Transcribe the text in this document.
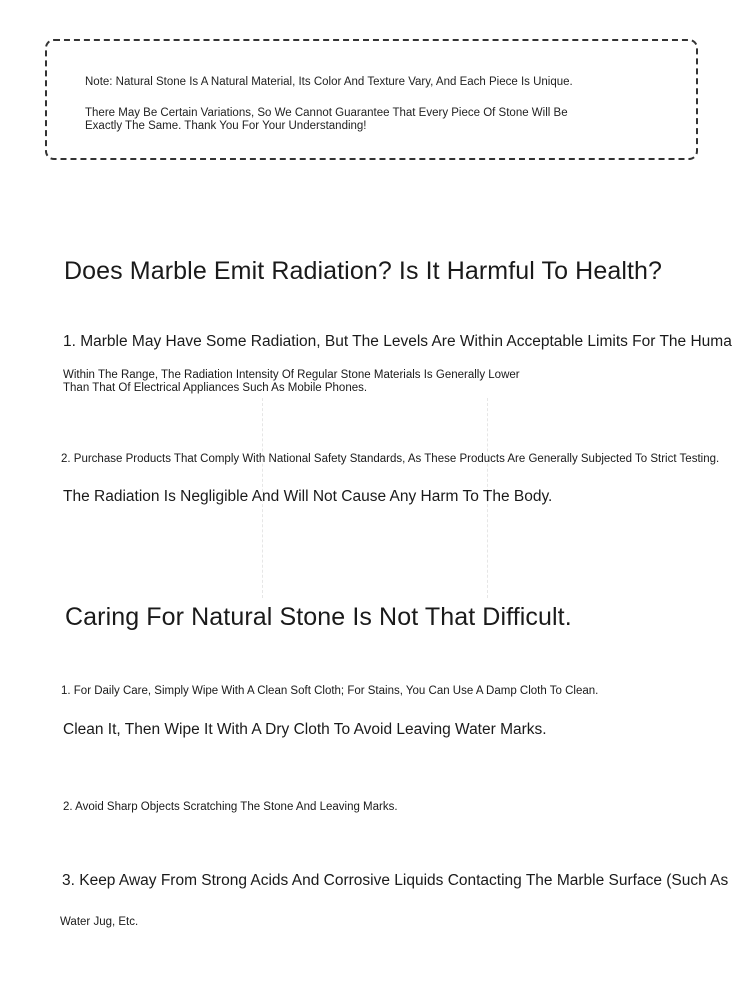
Note: Natural Stone Is A Natural Material, Its Color And Texture Vary, And Each Piece Is Unique.

There May Be Certain Variations, So We Cannot Guarantee That Every Piece Of Stone Will Be Exactly The Same. Thank You For Your Understanding!

Does Marble Emit Radiation? Is It Harmful To Health?

1. Marble May Have Some Radiation, But The Levels Are Within Acceptable Limits For The Huma

Within The Range, The Radiation Intensity Of Regular Stone Materials Is Generally Lower Than That Of Electrical Appliances Such As Mobile Phones.

2. Purchase Products That Comply With National Safety Standards, As These Products Are Generally Subjected To Strict Testing.

The Radiation Is Negligible And Will Not Cause Any Harm To The Body.

Caring For Natural Stone Is Not That Difficult.

1. For Daily Care, Simply Wipe With A Clean Soft Cloth; For Stains, You Can Use A Damp Cloth To Clean.

Clean It, Then Wipe It With A Dry Cloth To Avoid Leaving Water Marks.

2. Avoid Sharp Objects Scratching The Stone And Leaving Marks.

3. Keep Away From Strong Acids And Corrosive Liquids Contacting The Marble Surface (Such As

Water Jug, Etc.
